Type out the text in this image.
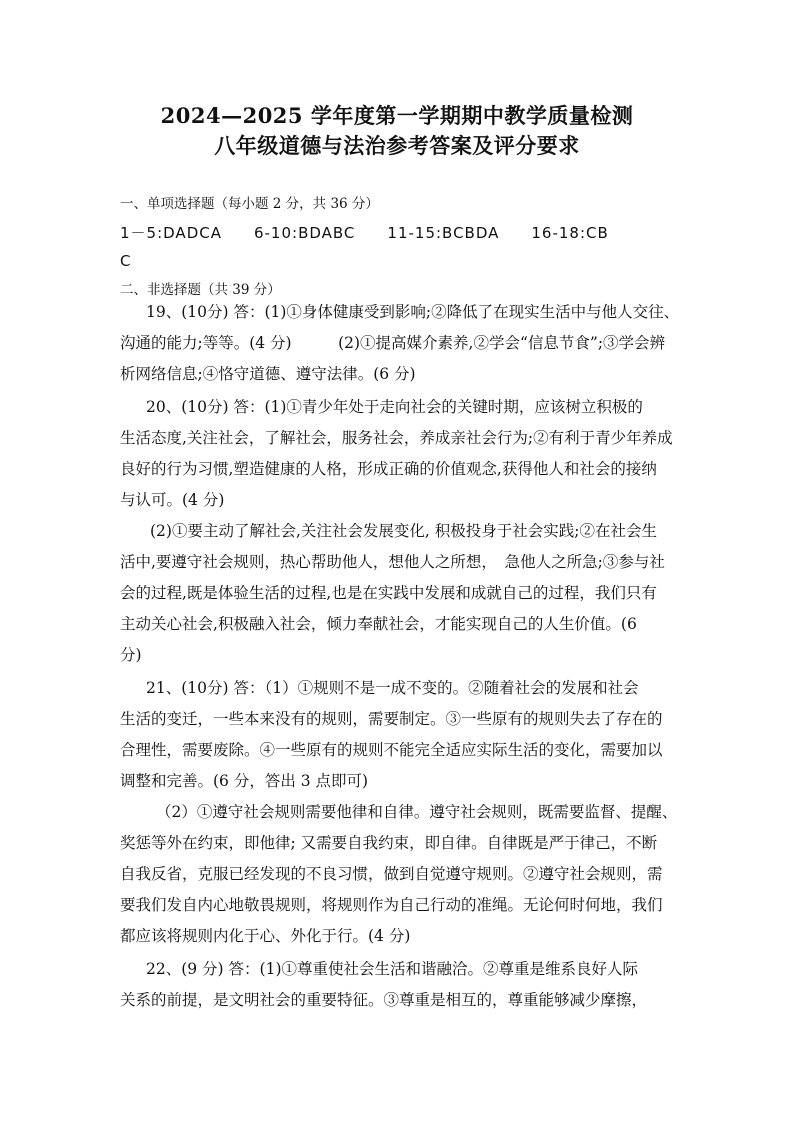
2024—2025 学年度第一学期期中教学质量检测
八年级道德与法治参考答案及评分要求
一、单项选择题（每小题 2 分，共 36 分）
1－5:DADCA　　6-10:BDABC　　11-15:BCBDA　　16-18:CB
C
二、非选择题（共 39 分）
19、(10分) 答：(1)①身体健康受到影响;②降低了在现实生活中与他人交往、
沟通的能力;等等。(4 分)　　　(2)①提高媒介素养,②学会“信息节食”;③学会辨
析网络信息;④恪守道德、遵守法律。(6 分)
20、(10分) 答：(1)①青少年处于走向社会的关键时期，应该树立积极的
生活态度,关注社会，了解社会，服务社会，养成亲社会行为;②有利于青少年养成
良好的行为习惯,塑造健康的人格，形成正确的价值观念,获得他人和社会的接纳
与认可。(4 分)
(2)①要主动了解社会,关注社会发展变化, 积极投身于社会实践;②在社会生
活中,要遵守社会规则，热心帮助他人，想他人之所想，　急他人之所急;③参与社
会的过程,既是体验生活的过程,也是在实践中发展和成就自己的过程，我们只有
主动关心社会,积极融入社会，倾力奉献社会，才能实现自己的人生价值。(6
分)
21、(10分) 答：（1）①规则不是一成不变的。②随着社会的发展和社会
生活的变迁，一些本来没有的规则，需要制定。③一些原有的规则失去了存在的
合理性，需要废除。④一些原有的规则不能完全适应实际生活的变化，需要加以
调整和完善。(6 分，答出 3 点即可)
（2）①遵守社会规则需要他律和自律。遵守社会规则，既需要监督、提醒、
奖惩等外在约束，即他律; 又需要自我约束，即自律。自律既是严于律己，不断
自我反省，克服已经发现的不良习惯，做到自觉遵守规则。②遵守社会规则，需
要我们发自内心地敬畏规则，将规则作为自己行动的准绳。无论何时何地，我们
都应该将规则内化于心、外化于行。(4 分)
22、(9 分) 答：(1)①尊重使社会生活和谐融洽。②尊重是维系良好人际
关系的前提，是文明社会的重要特征。③尊重是相互的，尊重能够减少摩擦，
